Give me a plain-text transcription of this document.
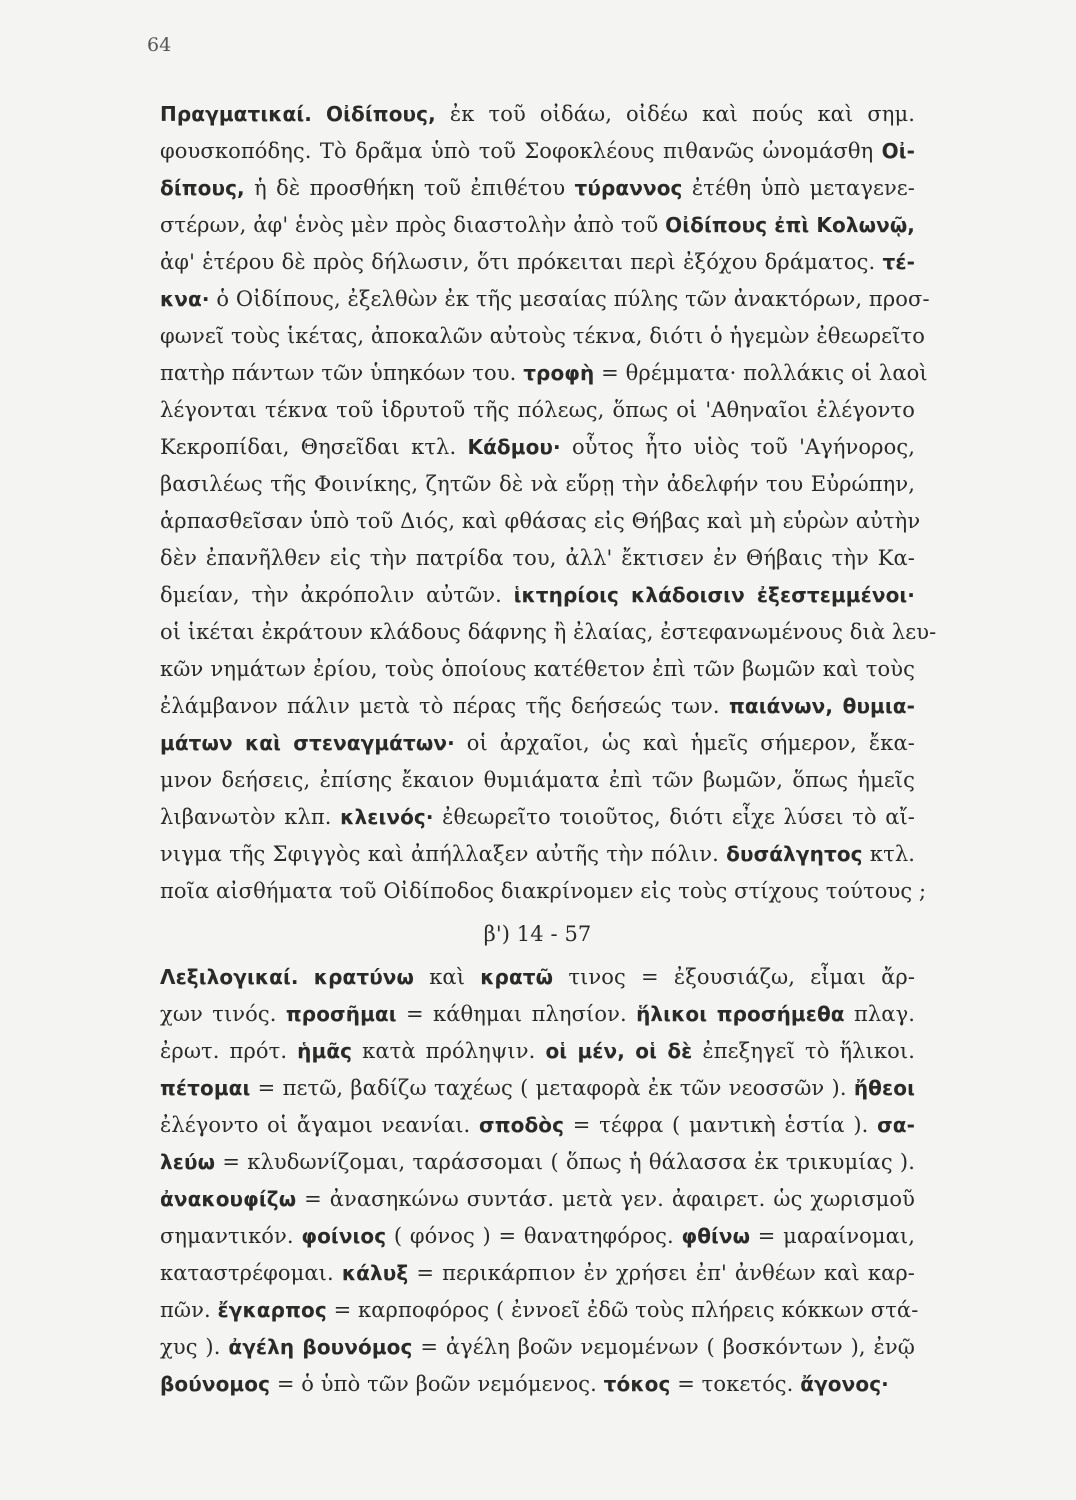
64
Πραγματικαί. Οἰδίπους, ἐκ τοῦ οἰδάω, οἰδέω καὶ πούς καὶ σημ.
φουσκοπόδης. Τὸ δρᾶμα ὑπὸ τοῦ Σοφοκλέους πιθανῶς ὠνομάσθη Οἰ-
δίπους, ἡ δὲ προσθήκη τοῦ ἐπιθέτου τύραννος ἐτέθη ὑπὸ μεταγενε-
στέρων, ἀφ' ἑνὸς μὲν πρὸς διαστολὴν ἀπὸ τοῦ Οἰδίπους ἐπὶ Κολωνῷ,
ἀφ' ἑτέρου δὲ πρὸς δήλωσιν, ὅτι πρόκειται περὶ ἐξόχου δράματος. τέ-
κνα· ὁ Οἰδίπους, ἐξελθὼν ἐκ τῆς μεσαίας πύλης τῶν ἀνακτόρων, προσ-
φωνεῖ τοὺς ἱκέτας, ἀποκαλῶν αὐτοὺς τέκνα, διότι ὁ ἡγεμὼν ἐθεωρεῖτο
πατὴρ πάντων τῶν ὑπηκόων του. τροφὴ = θρέμματα· πολλάκις οἱ λαοὶ
λέγονται τέκνα τοῦ ἱδρυτοῦ τῆς πόλεως, ὅπως οἱ 'Αθηναῖοι ἐλέγοντο
Κεκροπίδαι, Θησεῖδαι κτλ. Κάδμου· οὗτος ἦτο υἱὸς τοῦ 'Αγήνορος,
βασιλέως τῆς Φοινίκης, ζητῶν δὲ νὰ εὕρῃ τὴν ἀδελφήν του Εὐρώπην,
ἁρπασθεῖσαν ὑπὸ τοῦ Διός, καὶ φθάσας εἰς Θήβας καὶ μὴ εὑρὼν αὐτὴν
δὲν ἐπανῆλθεν εἰς τὴν πατρίδα του, ἀλλ' ἔκτισεν ἐν Θήβαις τὴν Κα-
δμείαν, τὴν ἀκρόπολιν αὐτῶν. ἱκτηρίοις κλάδοισιν ἐξεστεμμένοι·
οἱ ἱκέται ἐκράτουν κλάδους δάφνης ἢ ἐλαίας, ἐστεφανωμένους διὰ λευ-
κῶν νημάτων ἐρίου, τοὺς ὁποίους κατέθετον ἐπὶ τῶν βωμῶν καὶ τοὺς
ἐλάμβανον πάλιν μετὰ τὸ πέρας τῆς δεήσεώς των. παιάνων, θυμια-
μάτων καὶ στεναγμάτων· οἱ ἀρχαῖοι, ὡς καὶ ἡμεῖς σήμερον, ἔκα-
μνον δεήσεις, ἐπίσης ἔκαιον θυμιάματα ἐπὶ τῶν βωμῶν, ὅπως ἡμεῖς
λιβανωτὸν κλπ. κλεινός· ἐθεωρεῖτο τοιοῦτος, διότι εἶχε λύσει τὸ αἴ-
νιγμα τῆς Σφιγγὸς καὶ ἀπήλλαξεν αὐτῆς τὴν πόλιν. δυσάλγητος κτλ.
ποῖα αἰσθήματα τοῦ Οἰδίποδος διακρίνομεν εἰς τοὺς στίχους τούτους ;
β') 14 - 57
Λεξιλογικαί. κρατύνω καὶ κρατῶ τινος = ἐξουσιάζω, εἶμαι ἄρ-
χων τινός. προσῆμαι = κάθημαι πλησίον. ἥλικοι προσήμεθα πλαγ.
ἐρωτ. πρότ. ἡμᾶς κατὰ πρόληψιν. οἱ μέν, οἱ δὲ ἐπεξηγεῖ τὸ ἥλικοι.
πέτομαι = πετῶ, βαδίζω ταχέως ( μεταφορὰ ἐκ τῶν νεοσσῶν ). ἤθεοι
ἐλέγοντο οἱ ἄγαμοι νεανίαι. σποδὸς = τέφρα ( μαντικὴ ἑστία ). σα-
λεύω = κλυδωνίζομαι, ταράσσομαι ( ὅπως ἡ θάλασσα ἐκ τρικυμίας ).
ἀνακουφίζω = ἀνασηκώνω συντάσ. μετὰ γεν. ἀφαιρετ. ὡς χωρισμοῦ
σημαντικόν. φοίνιος ( φόνος ) = θανατηφόρος. φθίνω = μαραίνομαι,
καταστρέφομαι. κάλυξ = περικάρπιον ἐν χρήσει ἐπ' ἀνθέων καὶ καρ-
πῶν. ἔγκαρπος = καρποφόρος ( ἐννοεῖ ἐδῶ τοὺς πλήρεις κόκκων στά-
χυς ). ἀγέλη βουνόμος = ἀγέλη βοῶν νεμομένων ( βοσκόντων ), ἐνῷ
βούνομος = ὁ ὑπὸ τῶν βοῶν νεμόμενος. τόκος = τοκετός. ἄγονος·
